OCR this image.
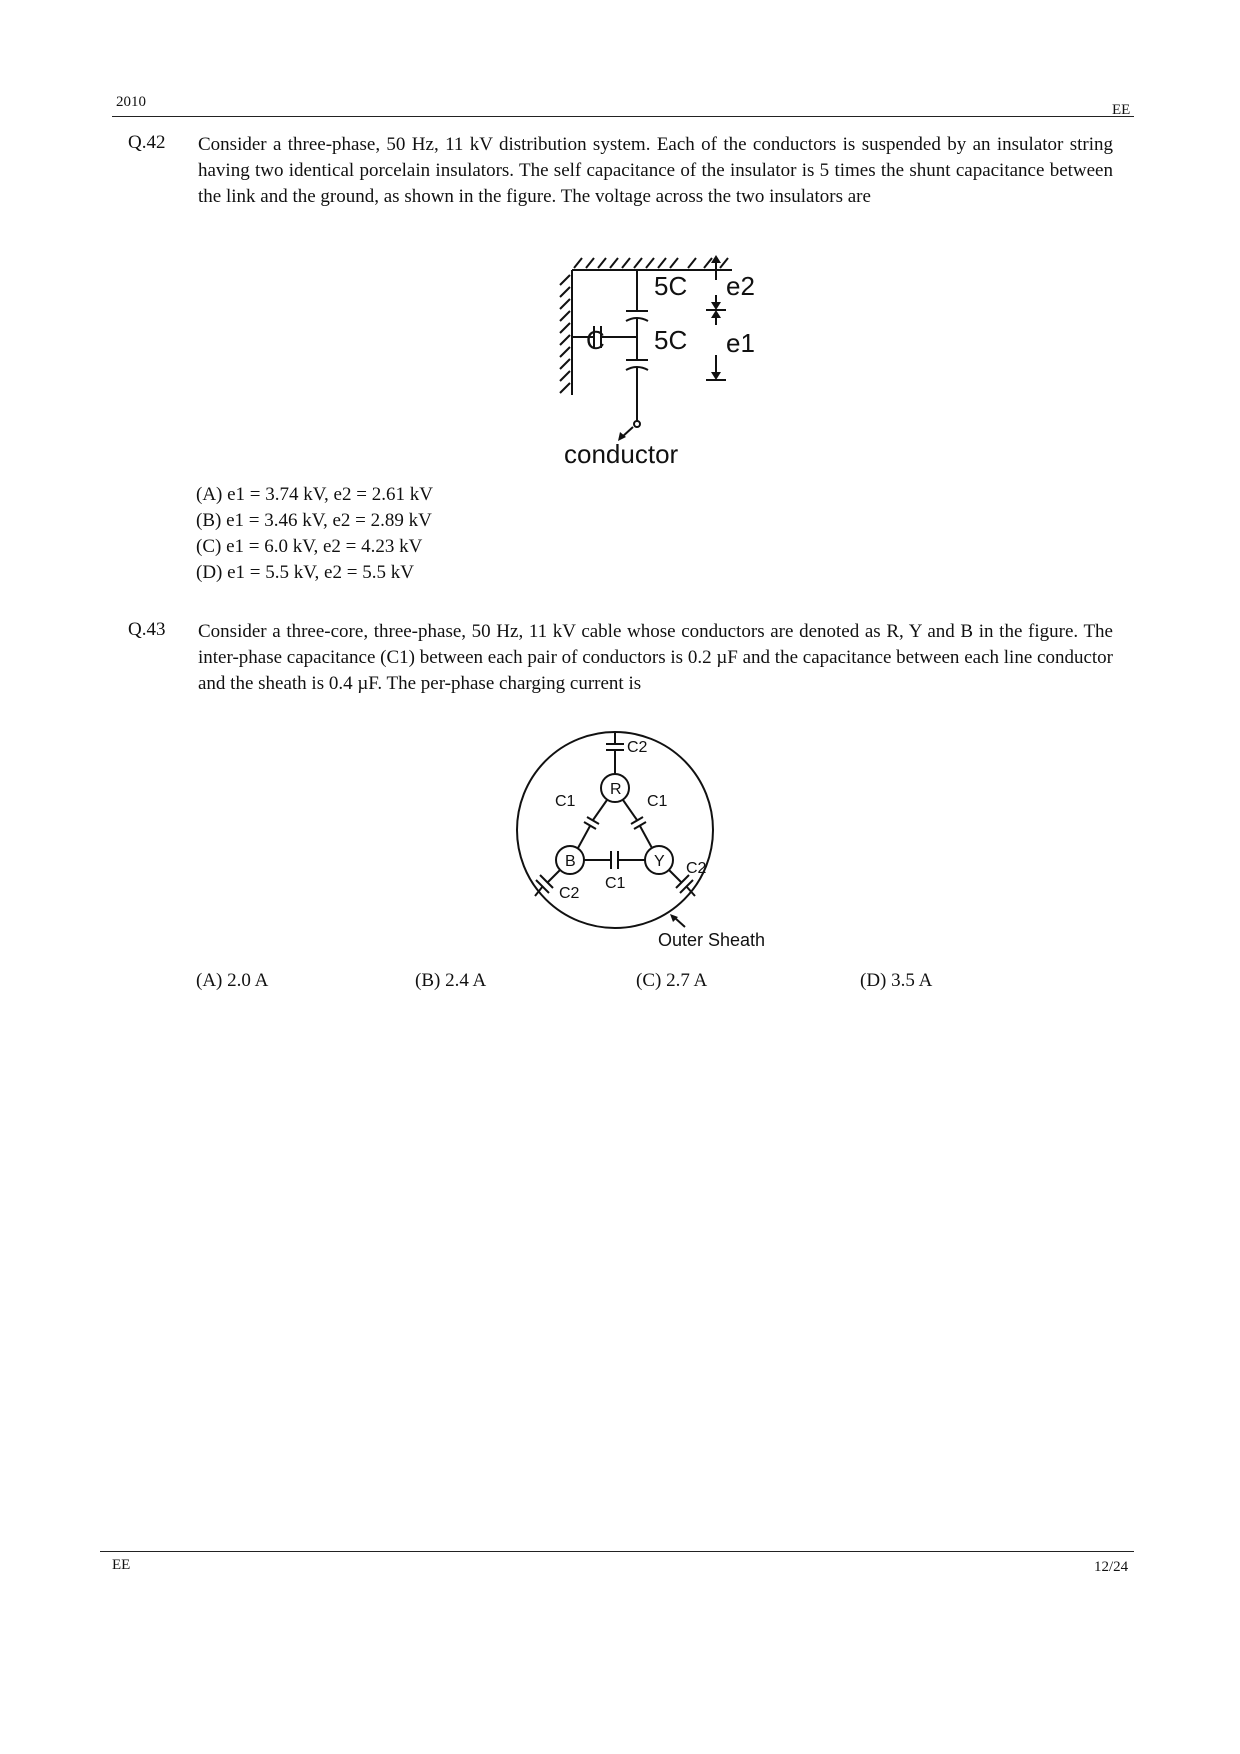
2010	EE
Q.42 Consider a three-phase, 50 Hz, 11 kV distribution system. Each of the conductors is suspended by an insulator string having two identical porcelain insulators. The self capacitance of the insulator is 5 times the shunt capacitance between the link and the ground, as shown in the figure. The voltage across the two insulators are
5C
5C
C
e2
e1
conductor
(A) e1 = 3.74 kV, e2 = 2.61 kV
(B) e1 = 3.46 kV, e2 = 2.89 kV
(C) e1 = 6.0 kV, e2 = 4.23 kV
(D) e1 = 5.5 kV, e2 = 5.5 kV
Q.43 Consider a three-core, three-phase, 50 Hz, 11 kV cable whose conductors are denoted as R, Y and B in the figure. The inter-phase capacitance (C1) between each pair of conductors is 0.2 µF and the capacitance between each line conductor and the sheath is 0.4 µF. The per-phase charging current is
R
B	Y
C2
C1	C1
C1
C2
C2
Outer Sheath
(A) 2.0 A	(B) 2.4 A	(C) 2.7 A	(D) 3.5 A
EE	12/24
